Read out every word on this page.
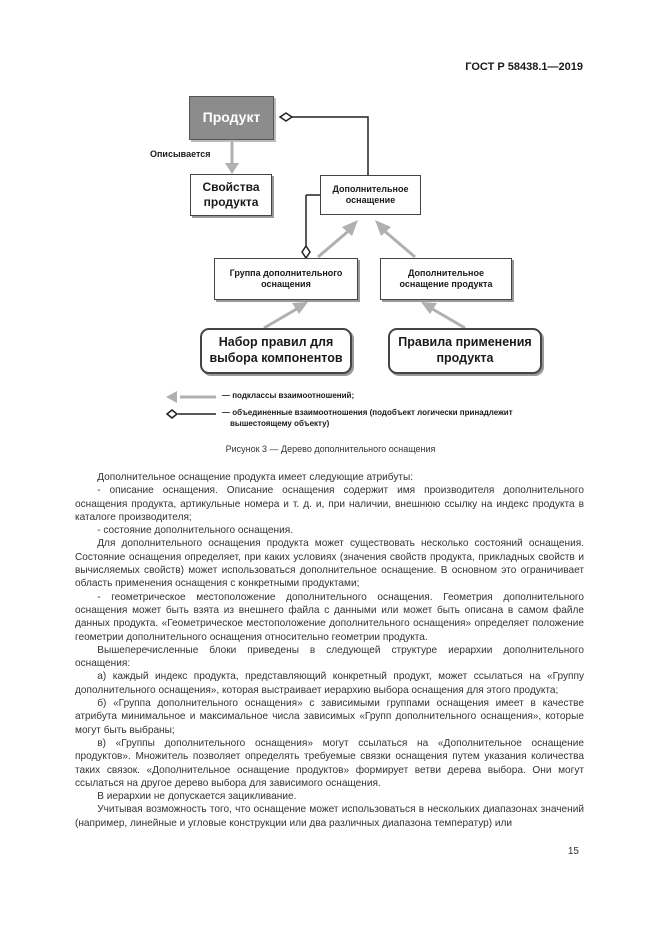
ГОСТ Р 58438.1—2019
Продукт
Описывается
Свойства
продукта
Дополнительное
оснащение
Группа дополнительного
оснащения
Дополнительное
оснащение продукта
Набор правил для
выбора компонентов
Правила применения
продукта
— подклассы взаимоотношений;
— объединенные взаимоотношения (подобъект логически принадлежит
вышестоящему объекту)
Рисунок 3 — Дерево дополнительного оснащения

Дополнительное оснащение продукта имеет следующие атрибуты:

- описание оснащения. Описание оснащения содержит имя производителя дополнительного оснащения продукта, артикульные номера и т. д. и, при наличии, внешнюю ссылку на индекс продукта в каталоге производителя;

- состояние дополнительного оснащения.

Для дополнительного оснащения продукта может существовать несколько состояний оснащения. Состояние оснащения определяет, при каких условиях (значения свойств продукта, прикладных свойств и вычисляемых свойств) может использоваться дополнительное оснащение. В основном это ограничивает область применения оснащения с конкретными продуктами;

- геометрическое местоположение дополнительного оснащения. Геометрия дополнительного оснащения может быть взята из внешнего файла с данными или может быть описана в самом файле данных продукта. «Геометрическое местоположение дополнительного оснащения» определяет положение геометрии дополнительного оснащения относительно геометрии продукта.

Вышеперечисленные блоки приведены в следующей структуре иерархии дополнительного оснащения:

а) каждый индекс продукта, представляющий конкретный продукт, может ссылаться на «Группу дополнительного оснащения», которая выстраивает иерархию выбора оснащения для этого продукта;

б) «Группа дополнительного оснащения» с зависимыми группами оснащения имеет в качестве атрибута минимальное и максимальное числа зависимых «Групп дополнительного оснащения», которые могут быть выбраны;

в) «Группы дополнительного оснащения» могут ссылаться на «Дополнительное оснащение продуктов». Множитель позволяет определять требуемые связки оснащения путем указания количества таких связок. «Дополнительное оснащение продуктов» формирует ветви дерева выбора. Они могут ссылаться на другое дерево выбора для зависимого оснащения.

В иерархии не допускается зацикливание.

Учитывая возможность того, что оснащение может использоваться в нескольких диапазонах значений (например, линейные и угловые конструкции или два различных диапазона температур) или

15
